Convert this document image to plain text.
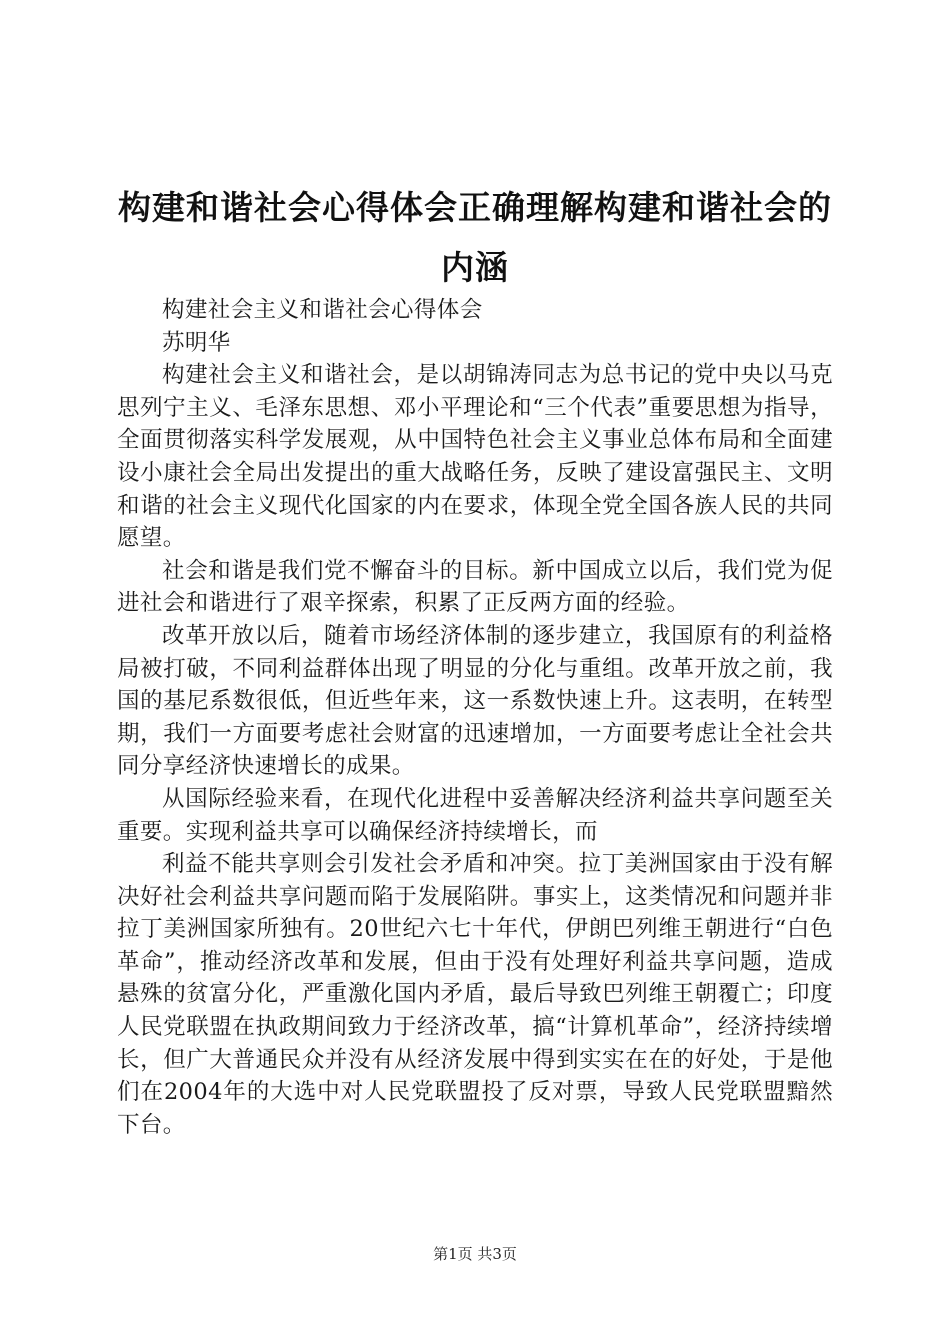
构建和谐社会心得体会正确理解构建和谐社会的内涵

构建社会主义和谐社会心得体会

苏明华

构建社会主义和谐社会，是以胡锦涛同志为总书记的党中央以马克思列宁主义、毛泽东思想、邓小平理论和“三个代表”重要思想为指导，全面贯彻落实科学发展观，从中国特色社会主义事业总体布局和全面建设小康社会全局出发提出的重大战略任务，反映了建设富强民主、文明和谐的社会主义现代化国家的内在要求，体现全党全国各族人民的共同愿望。

社会和谐是我们党不懈奋斗的目标。新中国成立以后，我们党为促进社会和谐进行了艰辛探索，积累了正反两方面的经验。

改革开放以后，随着市场经济体制的逐步建立，我国原有的利益格局被打破，不同利益群体出现了明显的分化与重组。改革开放之前，我国的基尼系数很低，但近些年来，这一系数快速上升。这表明，在转型期，我们一方面要考虑社会财富的迅速增加，一方面要考虑让全社会共同分享经济快速增长的成果。

从国际经验来看，在现代化进程中妥善解决经济利益共享问题至关重要。实现利益共享可以确保经济持续增长，而

利益不能共享则会引发社会矛盾和冲突。拉丁美洲国家由于没有解决好社会利益共享问题而陷于发展陷阱。事实上，这类情况和问题并非拉丁美洲国家所独有。20世纪六七十年代，伊朗巴列维王朝进行“白色革命”，推动经济改革和发展，但由于没有处理好利益共享问题，造成悬殊的贫富分化，严重激化国内矛盾，最后导致巴列维王朝覆亡；印度人民党联盟在执政期间致力于经济改革，搞“计算机革命”，经济持续增长，但广大普通民众并没有从经济发展中得到实实在在的好处，于是他们在2004年的大选中对人民党联盟投了反对票，导致人民党联盟黯然下台。

第1页 共3页
